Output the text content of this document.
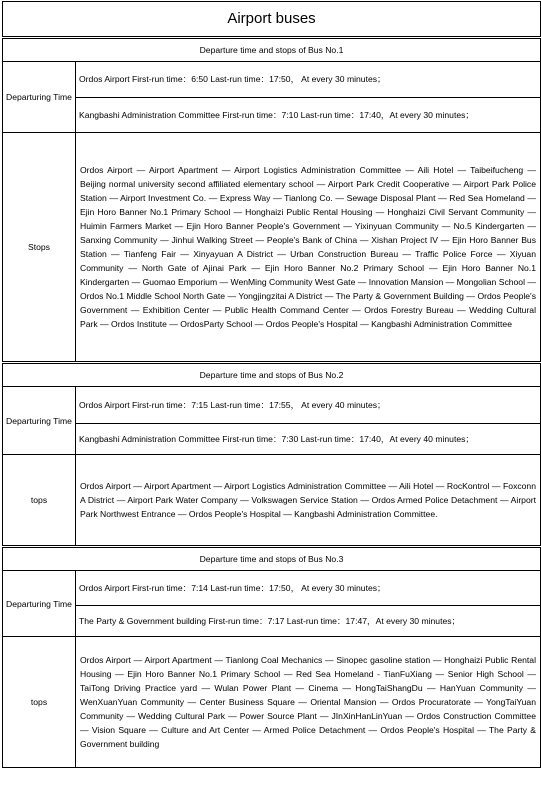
Airport buses	
Departure time and stops of Bus No.1	
Departuring Time	Ordos Airport First-run time：6:50 Last-run time：17:50， At every 30 minutes；
	Kangbashi Administration Committee First-run time：7:10 Last-run time：17:40，At every 30 minutes；
Stops	Ordos Airport — Airport Apartment — Airport Logistics Administration Committee — Aili Hotel — Taibeifucheng — Beijing normal university second affiliated elementary school — Airport Park Credit Cooperative — Airport Park Police Station — Airport Investment Co. — Express Way — Tianlong Co. — Sewage Disposal Plant — Red Sea Homeland — Ejin Horo Banner No.1 Primary School — Honghaizi Public Rental Housing — Honghaizi Civil Servant Community — Huimin Farmers Market — Ejin Horo Banner People's Government — Yixinyuan Community — No.5 Kindergarten — Sanxing Community — Jinhui Walking Street — People's Bank of China — Xishan Project IV — Ejin Horo Banner Bus Station — Tianfeng Fair — Xinyayuan A District — Urban Construction Bureau — Traffic Police Force — Xiyuan Community — North Gate of Ajinai Park — Ejin Horo Banner No.2 Primary School — Ejin Horo Banner No.1 Kindergarten — Guomao Emporium — WenMing Community West Gate — Innovation Mansion — Mongolian School — Ordos No.1 Middle School North Gate — Yongjingzitai A District — The Party & Government Building — Ordos People's Government — Exhibition Center — Public Health Command Center — Ordos Forestry Bureau — Wedding Cultural Park — Ordos Institute — OrdosParty School — Ordos People's Hospital — Kangbashi Administration Committee
Departure time and stops of Bus No.2	
Departuring Time	Ordos Airport First-run time：7:15 Last-run time：17:55， At every 40 minutes；
	Kangbashi Administration Committee First-run time：7:30 Last-run time：17:40，At every 40 minutes；
tops	Ordos Airport — Airport Apartment — Airport Logistics Administration Committee — Aili Hotel — RocKontrol — Foxconn A District — Airport Park Water Company — Volkswagen Service Station — Ordos Armed Police Detachment — Airport Park Northwest Entrance — Ordos People's Hospital — Kangbashi Administration Committee.
Departure time and stops of Bus No.3	
Departuring Time	Ordos Airport First-run time：7:14 Last-run time：17:50， At every 30 minutes；
	The Party & Government building First-run time：7:17 Last-run time：17:47，At every 30 minutes；
tops	Ordos Airport — Airport Apartment — Tianlong Coal Mechanics — Sinopec gasoline station — Honghaizi Public Rental Housing — Ejin Horo Banner No.1 Primary School — Red Sea Homeland - TianFuXiang — Senior High School — TaiTong Driving Practice yard — Wulan Power Plant — Cinema — HongTaiShangDu — HanYuan Community — WenXuanYuan Community — Center Business Square — Oriental Mansion — Ordos Procuratorate — YongTaiYuan Community — Wedding Cultural Park — Power Source Plant — JInXinHanLinYuan — Ordos Construction Committee — Vision Square — Culture and Art Center — Armed Police Detachment — Ordos People's Hospital — The Party & Government building
